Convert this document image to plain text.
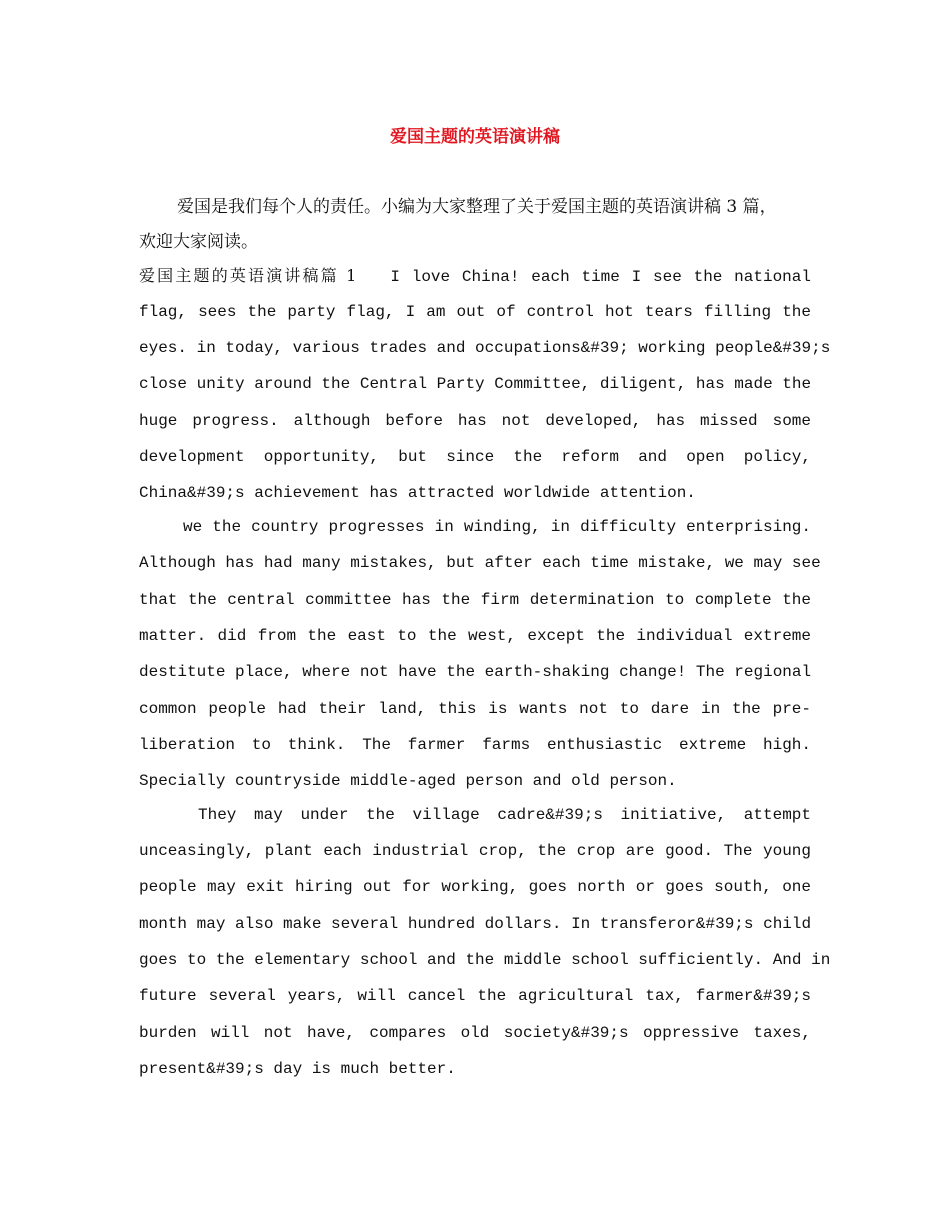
爱国主题的英语演讲稿
爱国是我们每个人的责任。小编为大家整理了关于爱国主题的英语演讲稿 3 篇，
欢迎大家阅读。
爱国主题的英语演讲稿篇 1 I love China! each time I see the national
flag, sees the party flag, I am out of control hot tears filling the
eyes. in today, various trades and occupations&#39; working people&#39;s
close unity around the Central Party Committee, diligent, has made the
huge progress. although before has not developed, has missed some
development opportunity, but since the reform and open policy,
China&#39;s achievement has attracted worldwide attention.
we the country progresses in winding, in difficulty enterprising.
Although has had many mistakes, but after each time mistake, we may see
that the central committee has the firm determination to complete the
matter. did from the east to the west, except the individual extreme
destitute place, where not have the earth-shaking change! The regional
common people had their land, this is wants not to dare in the pre-
liberation to think. The farmer farms enthusiastic extreme high.
Specially countryside middle-aged person and old person.
They may under the village cadre&#39;s initiative, attempt
unceasingly, plant each industrial crop, the crop are good. The young
people may exit hiring out for working, goes north or goes south, one
month may also make several hundred dollars. In transferor&#39;s child
goes to the elementary school and the middle school sufficiently. And in
future several years, will cancel the agricultural tax, farmer&#39;s
burden will not have, compares old society&#39;s oppressive taxes,
present&#39;s day is much better.
